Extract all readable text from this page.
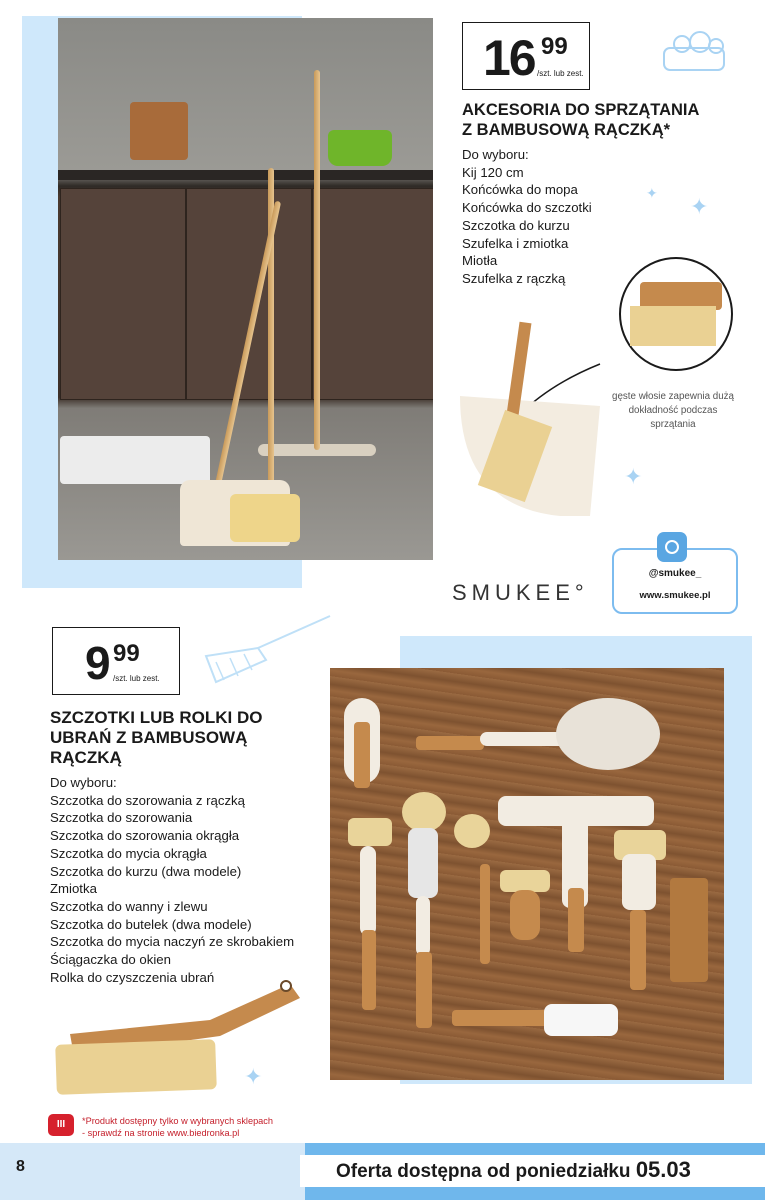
16 99
/szt. lub zest.
AKCESORIA DO SPRZĄTANIA
Z BAMBUSOWĄ RĄCZKĄ*
Do wyboru:
Kij 120 cm
Końcówka do mopa
Końcówka do szczotki
Szczotka do kurzu
Szufelka i zmiotka
Miotła
Szufelka z rączką
✦
✦
✦
✦
gęste włosie zapewnia dużą
dokładność podczas
sprzątania
SMUKEE°
@smukee_
www.smukee.pl
9 99
/szt. lub zest.
SZCZOTKI LUB ROLKI DO
UBRAŃ Z BAMBUSOWĄ
RĄCZKĄ
Do wyboru:
Szczotka do szorowania z rączką
Szczotka do szorowania
Szczotka do szorowania okrągła
Szczotka do mycia okrągła
Szczotka do kurzu (dwa modele)
Zmiotka
Szczotka do wanny i zlewu
Szczotka do butelek (dwa modele)
Szczotka do mycia naczyń ze skrobakiem
Ściągaczka do okien
Rolka do czyszczenia ubrań
III	*Produkt dostępny tylko w wybranych sklepach
- sprawdź na stronie www.biedronka.pl
8	Oferta dostępna od poniedziałku 05.03
